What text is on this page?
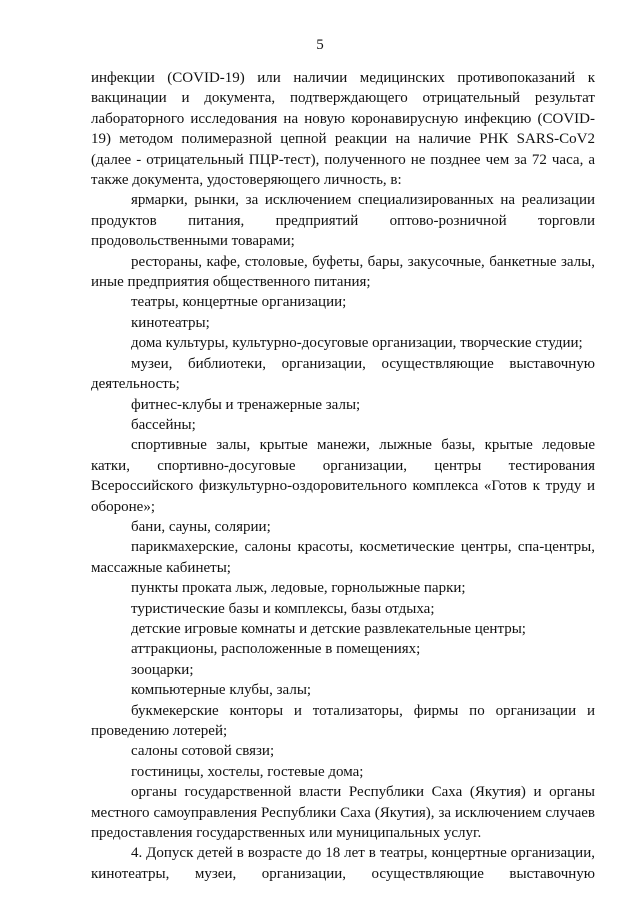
5

инфекции (COVID-19) или наличии медицинских противопоказаний к вакцинации и документа, подтверждающего отрицательный результат лабораторного исследования на новую коронавирусную инфекцию (COVID-19) методом полимеразной цепной реакции на наличие РНК SARS-CoV2 (далее - отрицательный ПЦР-тест), полученного не позднее чем за 72 часа, а также документа, удостоверяющего личность, в:

ярмарки, рынки, за исключением специализированных на реализации продуктов питания, предприятий оптово-розничной торговли продовольственными товарами;

рестораны, кафе, столовые, буфеты, бары, закусочные, банкетные залы, иные предприятия общественного питания;

театры, концертные организации;

кинотеатры;

дома культуры, культурно-досуговые организации, творческие студии;

музеи, библиотеки, организации, осуществляющие выставочную деятельность;

фитнес-клубы и тренажерные залы;

бассейны;

спортивные залы, крытые манежи, лыжные базы, крытые ледовые катки, спортивно-досуговые организации, центры тестирования Всероссийского физкультурно-оздоровительного комплекса «Готов к труду и обороне»;

бани, сауны, солярии;

парикмахерские, салоны красоты, косметические центры, спа-центры, массажные кабинеты;

пункты проката лыж, ледовые, горнолыжные парки;

туристические базы и комплексы, базы отдыха;

детские игровые комнаты и детские развлекательные центры;

аттракционы, расположенные в помещениях;

зооцарки;

компьютерные клубы, залы;

букмекерские конторы и тотализаторы, фирмы по организации и проведению лотерей;

салоны сотовой связи;

гостиницы, хостелы, гостевые дома;

органы государственной власти Республики Саха (Якутия) и органы местного самоуправления Республики Саха (Якутия), за исключением случаев предоставления государственных или муниципальных услуг.

4. Допуск детей в возрасте до 18 лет в театры, концертные организации, кинотеатры, музеи, организации, осуществляющие выставочную
